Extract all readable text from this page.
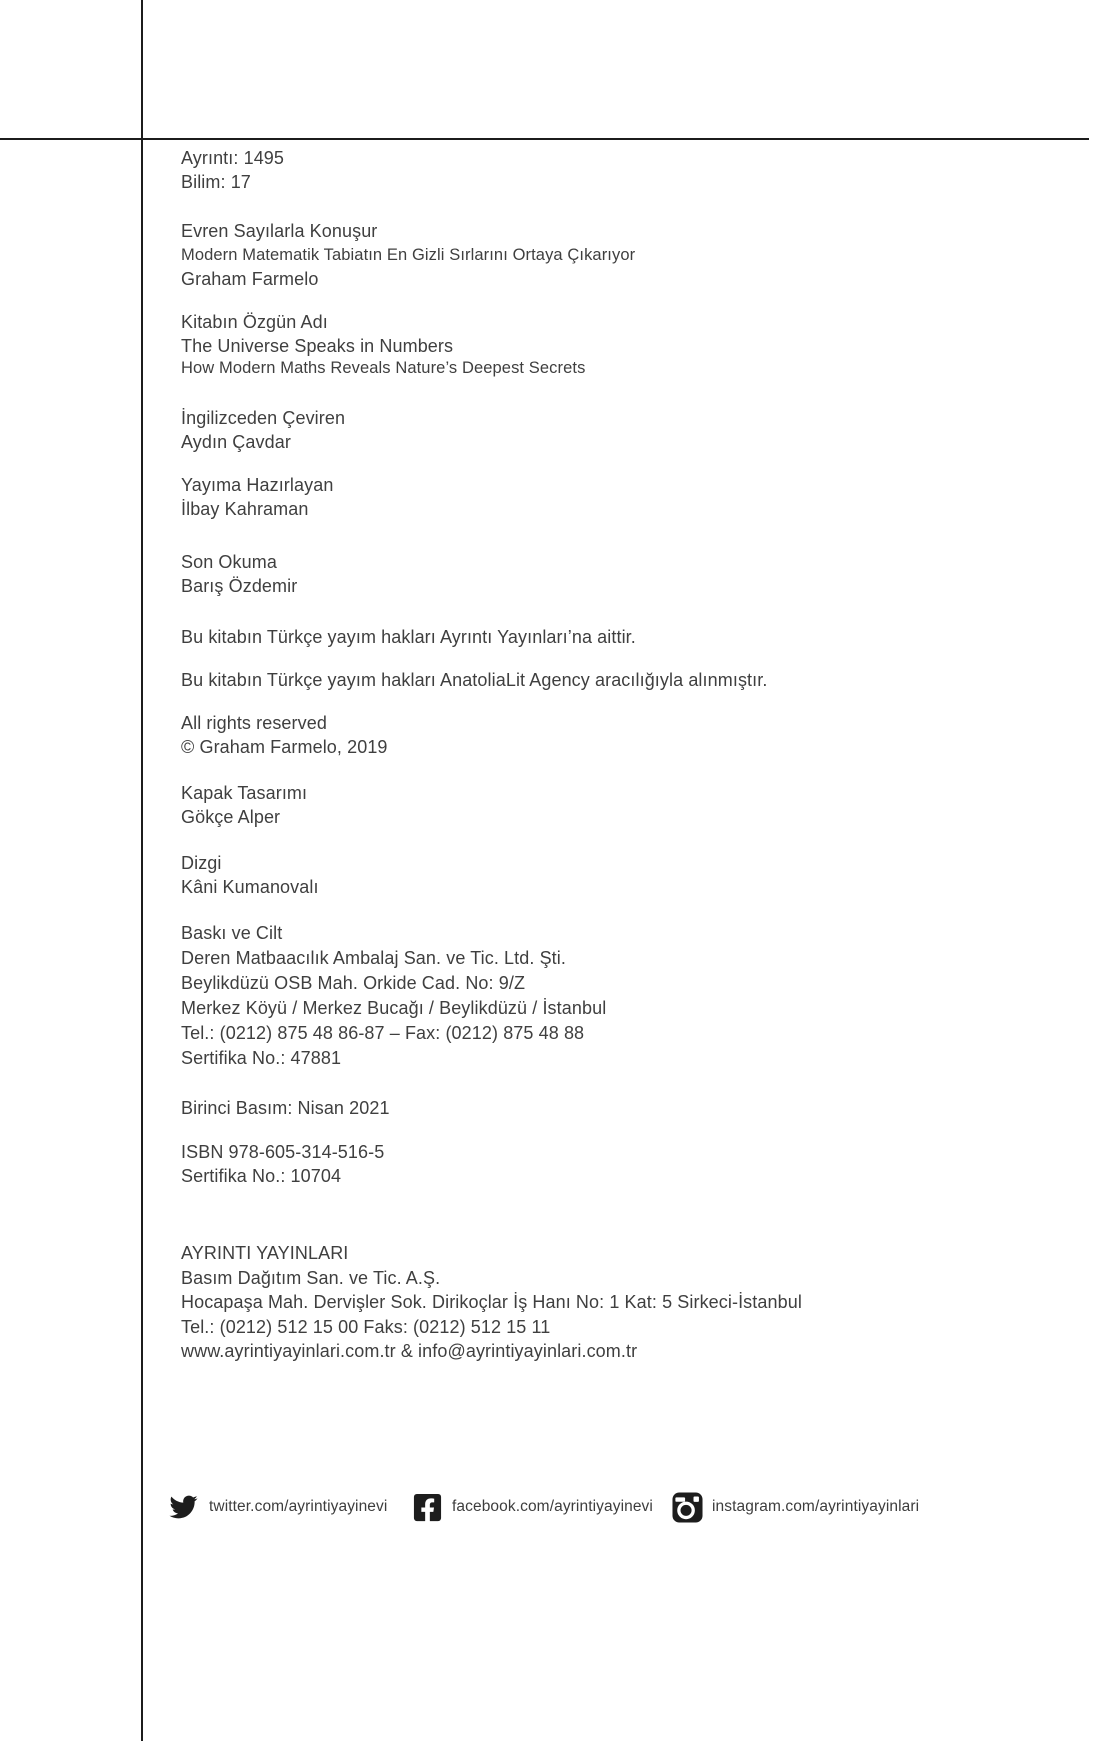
Ayrıntı: 1495

Bilim: 17

Evren Sayılarla Konuşur

Modern Matematik Tabiatın En Gizli Sırlarını Ortaya Çıkarıyor

Graham Farmelo

Kitabın Özgün Adı

The Universe Speaks in Numbers

How Modern Maths Reveals Nature’s Deepest Secrets

İngilizceden Çeviren

Aydın Çavdar

Yayıma Hazırlayan

İlbay Kahraman

Son Okuma

Barış Özdemir

Bu kitabın Türkçe yayım hakları Ayrıntı Yayınları’na aittir.

Bu kitabın Türkçe yayım hakları AnatoliaLit Agency aracılığıyla alınmıştır.

All rights reserved

© Graham Farmelo, 2019

Kapak Tasarımı

Gökçe Alper

Dizgi

Kâni Kumanovalı

Baskı ve Cilt

Deren Matbaacılık Ambalaj San. ve Tic. Ltd. Şti.

Beylikdüzü OSB Mah. Orkide Cad. No: 9/Z

Merkez Köyü / Merkez Bucağı / Beylikdüzü / İstanbul

Tel.: (0212) 875 48 86-87 – Fax: (0212) 875 48 88

Sertifika No.: 47881

Birinci Basım: Nisan 2021

ISBN 978-605-314-516-5

Sertifika No.: 10704

AYRINTI YAYINLARI

Basım Dağıtım San. ve Tic. A.Ş.

Hocapaşa Mah. Dervişler Sok. Dirikoçlar İş Hanı No: 1 Kat: 5 Sirkeci-İstanbul

Tel.: (0212) 512 15 00 Faks: (0212) 512 15 11

www.ayrintiyayinlari.com.tr & info@ayrintiyayinlari.com.tr

twitter.com/ayrintiyayinevi	facebook.com/ayrintiyayinevi	instagram.com/ayrintiyayinlari
